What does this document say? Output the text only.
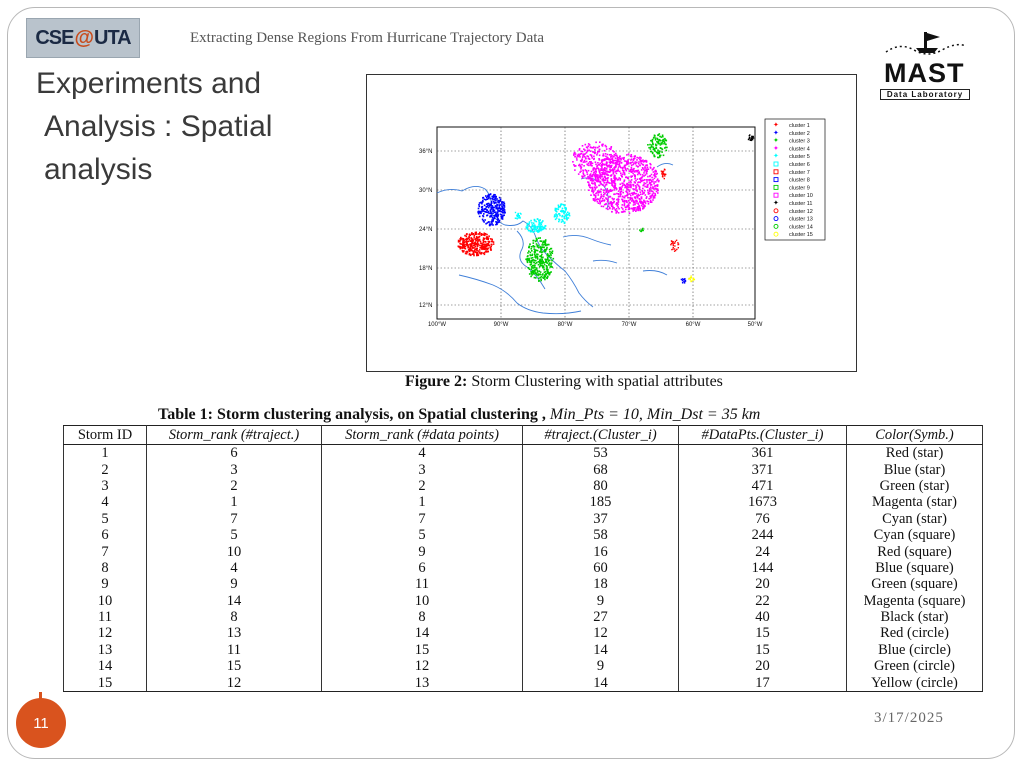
CSE @ UTA	Extracting Dense Regions From Hurricane Trajectory Data
Experiments and
Analysis : Spatial
analysis
MAST
Data Laboratory
36°N
30°N
24°N
18°N
12°N
100°W	90°W	80°W	70°W	60°W	50°W
✦ cluster 1
✦ cluster 2
✦ cluster 3
✦ cluster 4
✦ cluster 5
cluster 6
cluster 7
cluster 8
cluster 9
cluster 10
✦ cluster 11
cluster 12
cluster 13
cluster 14
cluster 15
Figure 2: Storm Clustering with spatial attributes
Table 1: Storm clustering analysis, on Spatial clustering , Min_Pts = 10, Min_Dst = 35 km
Storm ID	Storm_rank (#traject.)	Storm_rank (#data points)	#traject.(Cluster_i)	#DataPts.(Cluster_i)	Color(Symb.)
1	6	4	53	361	Red (star)
2	3	3	68	371	Blue (star)
3	2	2	80	471	Green (star)
4	1	1	185	1673	Magenta (star)
5	7	7	37	76	Cyan (star)
6	5	5	58	244	Cyan (square)
7	10	9	16	24	Red (square)
8	4	6	60	144	Blue (square)
9	9	11	18	20	Green (square)
10	14	10	9	22	Magenta (square)
11	8	8	27	40	Black (star)
12	13	14	12	15	Red (circle)
13	11	15	14	15	Blue (circle)
14	15	12	9	20	Green (circle)
15	12	13	14	17	Yellow (circle)
11	3/17/2025
